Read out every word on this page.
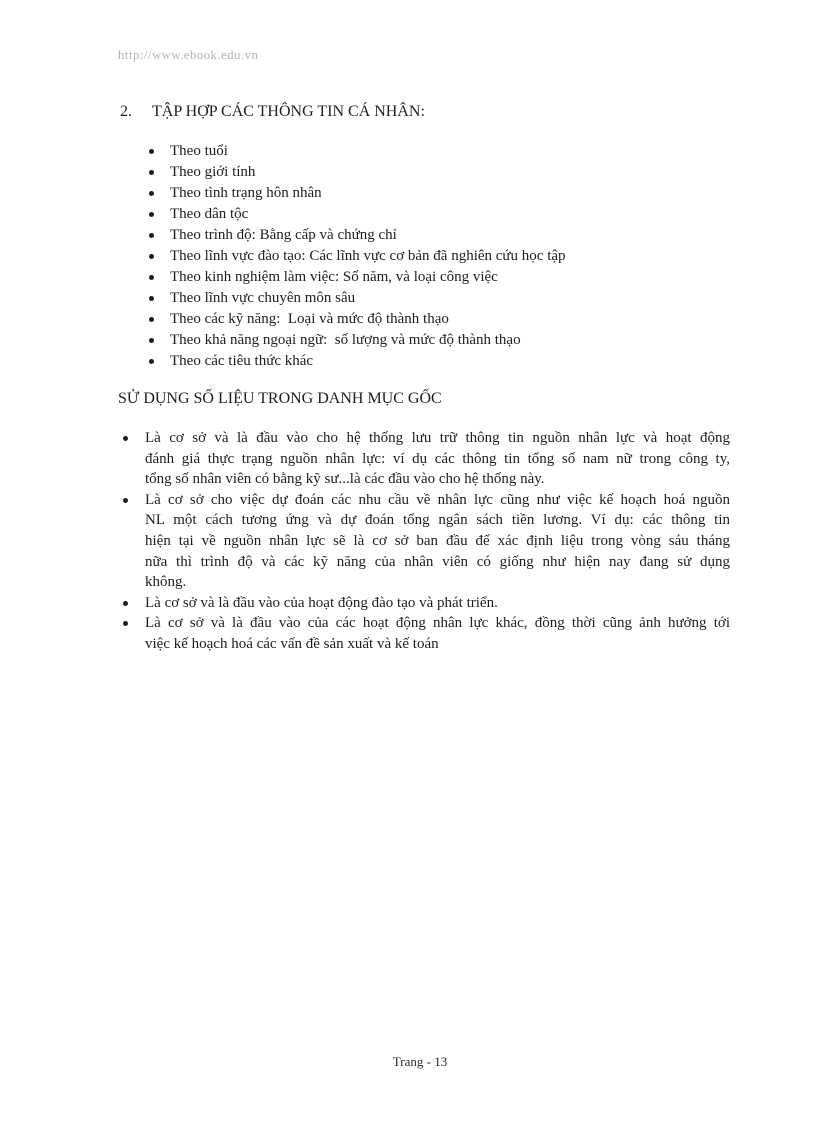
http://www.ebook.edu.vn
2. TẬP HỢP CÁC THÔNG TIN CÁ NHÂN:
Theo tuổi
Theo giới tính
Theo tình trạng hôn nhân
Theo dân tộc
Theo trình độ: Bằng cấp và chứng chỉ
Theo lĩnh vực đào tạo: Các lĩnh vực cơ bản đã nghiên cứu học tập
Theo kinh nghiệm làm việc: Số năm, và loại công việc
Theo lĩnh vực chuyên môn sâu
Theo các kỹ năng:  Loại và mức độ thành thạo
Theo khả năng ngoại ngữ:  số lượng và mức độ thành thạo
Theo các tiêu thức khác
SỬ DỤNG SỐ LIỆU TRONG DANH MỤC GỐC
Là cơ sở và là đầu vào cho hệ thống lưu trữ thông tin nguồn nhân lực và hoạt động
đánh giá thực trạng nguồn nhân lực: ví dụ các thông tin tổng số nam nữ trong công ty,
tổng số nhân viên có bằng kỹ sư...là các đầu vào cho hệ thống này.
Là cơ sở cho việc dự đoán các nhu cầu về nhân lực cũng như việc kế hoạch hoá nguồn
NL một cách tương ứng và dự đoán tổng ngân sách tiền lương. Ví dụ: các thông tin
hiện tại về nguồn nhân lực sẽ là cơ sở ban đầu để xác định liệu trong vòng sáu tháng
nữa thì trình độ và các kỹ năng của nhân viên có giống như hiện nay đang sử dụng
không.
Là cơ sở và là đầu vào của hoạt động đào tạo và phát triển.
Là cơ sở và là đầu vào của các hoạt động nhân lực khác, đồng thời cũng ảnh hưởng tới
việc kế hoạch hoá các vấn đề sản xuất và kế toán
Trang - 13
